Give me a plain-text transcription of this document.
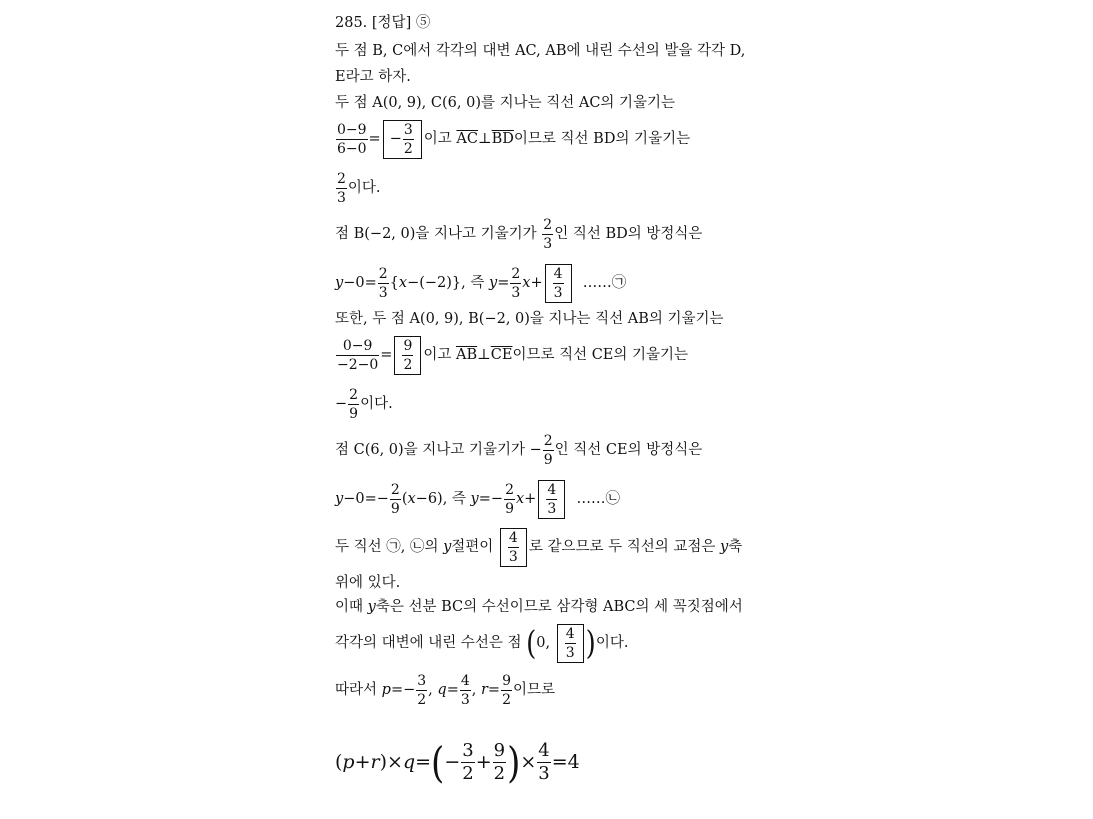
285. [정답] ⑤
두 점 B, C에서 각각의 대변 AC, AB에 내린 수선의 발을 각각 D,
E라고 하자.
두 점 A(0, 9), C(6, 0)를 지나는 직선 AC의 기울기는
$\frac{0-9}{6-0}$ = − $\frac{3}{2}$ 이고 $\overline{AC}$ ⊥ $\overline{BD}$ 이므로 직선 BD의 기울기는
$\frac{2}{3}$ 이다.
점 B(−2, 0)을 지나고 기울기가 $\frac{2}{3}$ 인 직선 BD의 방정식은
$y -0= \frac{2}{3}$ { x −(−2)}, 즉 $y = \frac{2}{3}$ $x + \frac{4}{3}$ ……㉠
또한, 두 점 A(0, 9), B(−2, 0)을 지나는 직선 AB의 기울기는
$\frac{0-9}{-2-0} = \frac{9}{2}$ 이고 $\overline{AB}$ ⊥ $\overline{CE}$ 이므로 직선 CE의 기울기는
− $\frac{2}{9}$ 이다.
점 C(6, 0)을 지나고 기울기가 − $\frac{2}{9}$ 인 직선 CE의 방정식은
$y -0=- \frac{2}{9}$ ( x −6), 즉 $y =- \frac{2}{9}$ $x + \frac{4}{3}$ ……㉡
두 직선 ㉠, ㉡의 y 절편이 $\frac{4}{3}$ 로 같으므로 두 직선의 교점은 y 축
위에 있다.
이때 y 축은 선분 BC의 수선이므로 삼각형 ABC의 세 꼭짓점에서
각각의 대변에 내린 수선은 점 ( 0, $\frac{4}{3}$ ) 이다.
따라서 $p =- \frac{3}{2}$ , $q = \frac{4}{3}$ , $r = \frac{9}{2}$ 이므로
( p + r )× q = ( − $\frac{3}{2} + \frac{9}{2}$ ) × $\frac{4}{3} =4$
